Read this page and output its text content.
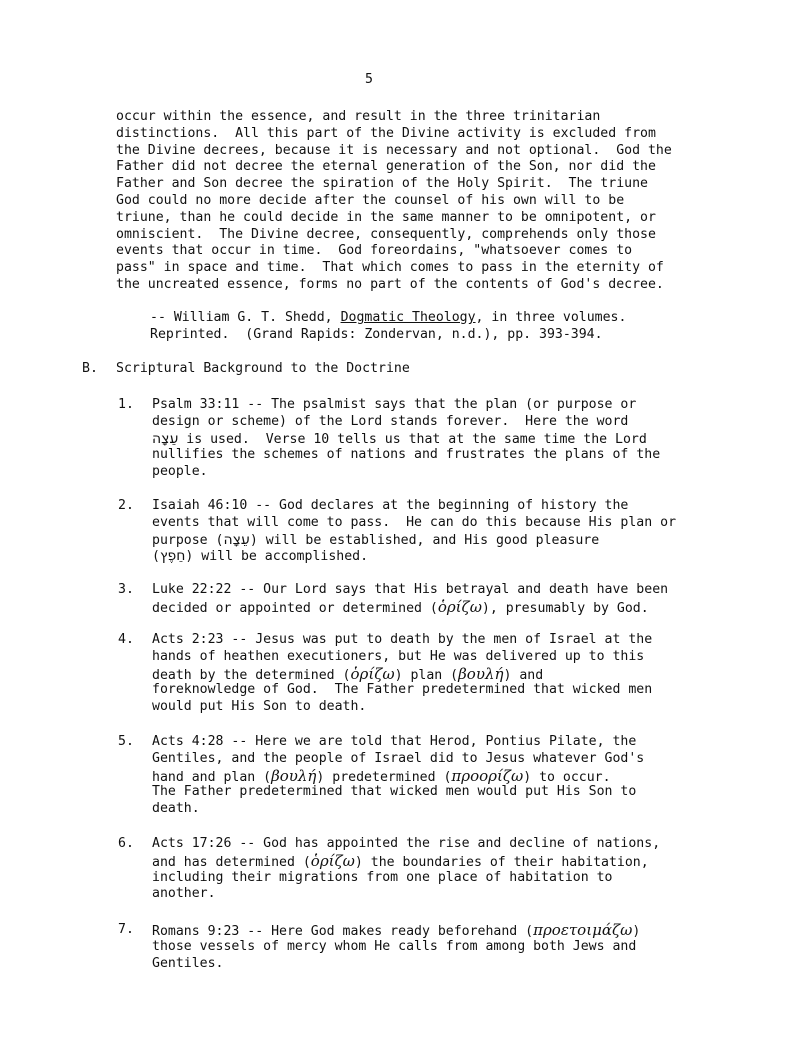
5
occur within the essence, and result in the three trinitarian
distinctions.  All this part of the Divine activity is excluded from
the Divine decrees, because it is necessary and not optional.  God the
Father did not decree the eternal generation of the Son, nor did the
Father and Son decree the spiration of the Holy Spirit.  The triune
God could no more decide after the counsel of his own will to be
triune, than he could decide in the same manner to be omnipotent, or
omniscient.  The Divine decree, consequently, comprehends only those
events that occur in time.  God foreordains, "whatsoever comes to
pass" in space and time.  That which comes to pass in the eternity of
the uncreated essence, forms no part of the contents of God's decree.
-- William G. T. Shedd, Dogmatic Theology, in three volumes.
Reprinted.  (Grand Rapids: Zondervan, n.d.), pp. 393-394.
B. Scriptural Background to the Doctrine
1.	Psalm 33:11 -- The psalmist says that the plan (or purpose or
design or scheme) of the Lord stands forever.  Here the word
עֵצָה is used.  Verse 10 tells us that at the same time the Lord
nullifies the schemes of nations and frustrates the plans of the
people.
2.	Isaiah 46:10 -- God declares at the beginning of history the
events that will come to pass.  He can do this because His plan or
purpose (עֵצָה) will be established, and His good pleasure
(חֵפֶץ) will be accomplished.
3.	Luke 22:22 -- Our Lord says that His betrayal and death have been
decided or appointed or determined (ὁρίζω), presumably by God.
4.	Acts 2:23 -- Jesus was put to death by the men of Israel at the
hands of heathen executioners, but He was delivered up to this
death by the determined (ὁρίζω) plan (βουλή) and
foreknowledge of God.  The Father predetermined that wicked men
would put His Son to death.
5.	Acts 4:28 -- Here we are told that Herod, Pontius Pilate, the
Gentiles, and the people of Israel did to Jesus whatever God's
hand and plan (βουλή) predetermined (προορίζω) to occur.
The Father predetermined that wicked men would put His Son to
death.
6.	Acts 17:26 -- God has appointed the rise and decline of nations,
and has determined (ὁρίζω) the boundaries of their habitation,
including their migrations from one place of habitation to
another.
7.	Romans 9:23 -- Here God makes ready beforehand (προετοιμάζω)
those vessels of mercy whom He calls from among both Jews and
Gentiles.
